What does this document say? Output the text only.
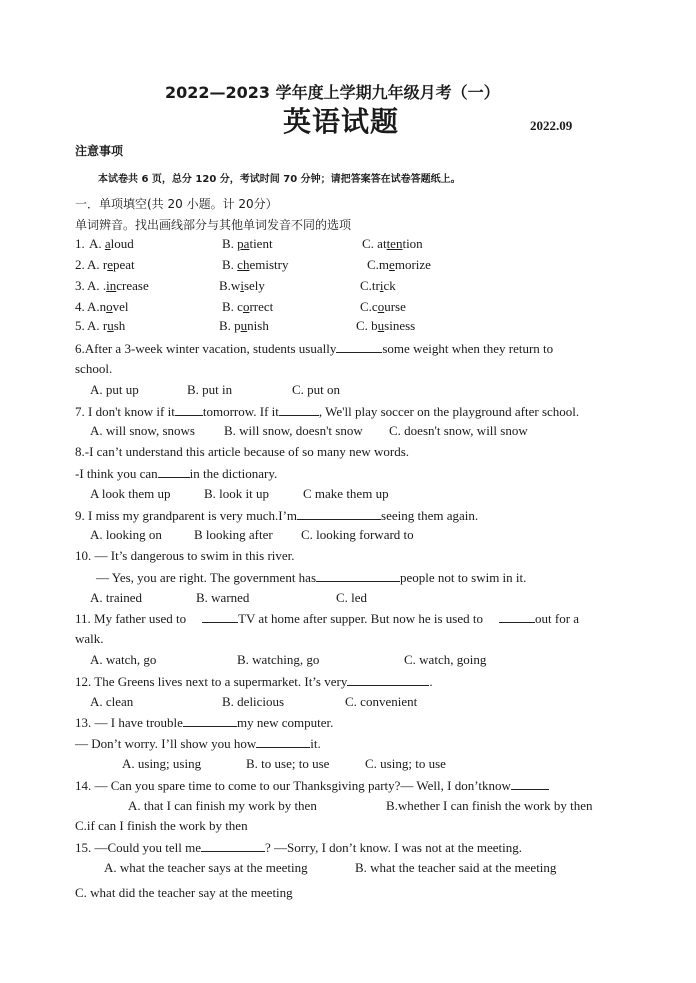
2022—2023 学年度上学期九年级月考（一）
英语试题	2022.09
注意事项
本试卷共 6 页，总分 120 分，考试时间 70 分钟；请把答案答在试卷答题纸上。
一．单项填空(共 20 小题。计 20分）
单词辨音。找出画线部分与其他单词发音不同的选项
1. A. aloud	B. patient	C. attention
2. A. repeat	B. chemistry	C.memorize
3. A. .increase	B.wisely	C.trick
4. A.novel	B. correct	C.course
5. A. rush	B. punish	C. business
6.After a 3-week winter vacation, students usually	some weight when they return to
school.
A. put up	B. put in	C. put on
7. I don't know if it tomorrow. If it	, We'll play soccer on the playground after school.
A. will snow, snows B. will snow, doesn't snow C. doesn't snow, will snow
8.-I can’t understand this article because of so many new words.
-I think you can in the dictionary.
A look them up	B. look it up	C make them up
9. I miss my grandparent is very much.I’m	seeing them again.
A. looking on B looking after C. looking forward to
10. — It’s dangerous to swim in this river.
— Yes, you are right. The government has	people not to swim in it.
A. trained	B. warned	C. led
11. My father used to	TV at home after supper. But now he is used to	out for a
walk.
A. watch, go	B. watching, go	C. watch, going
12. The Greens lives next to a supermarket. It’s very	.
A. clean	B. delicious	C. convenient
13. — I have trouble	my new computer.
— Don’t worry. I’ll show you how	it.
A. using; using	B. to use; to use	C. using; to use
14. — Can you spare time to come to our Thanksgiving party?— Well, I don’tknow
A. that I can finish my work by then	B.whether I can finish the work by then
C.if can I finish the work by then
15. —Could you tell me	? —Sorry, I don’t know. I was not at the meeting.
A. what the teacher says at the meeting	B. what the teacher said at the meeting
C. what did the teacher say at the meeting
